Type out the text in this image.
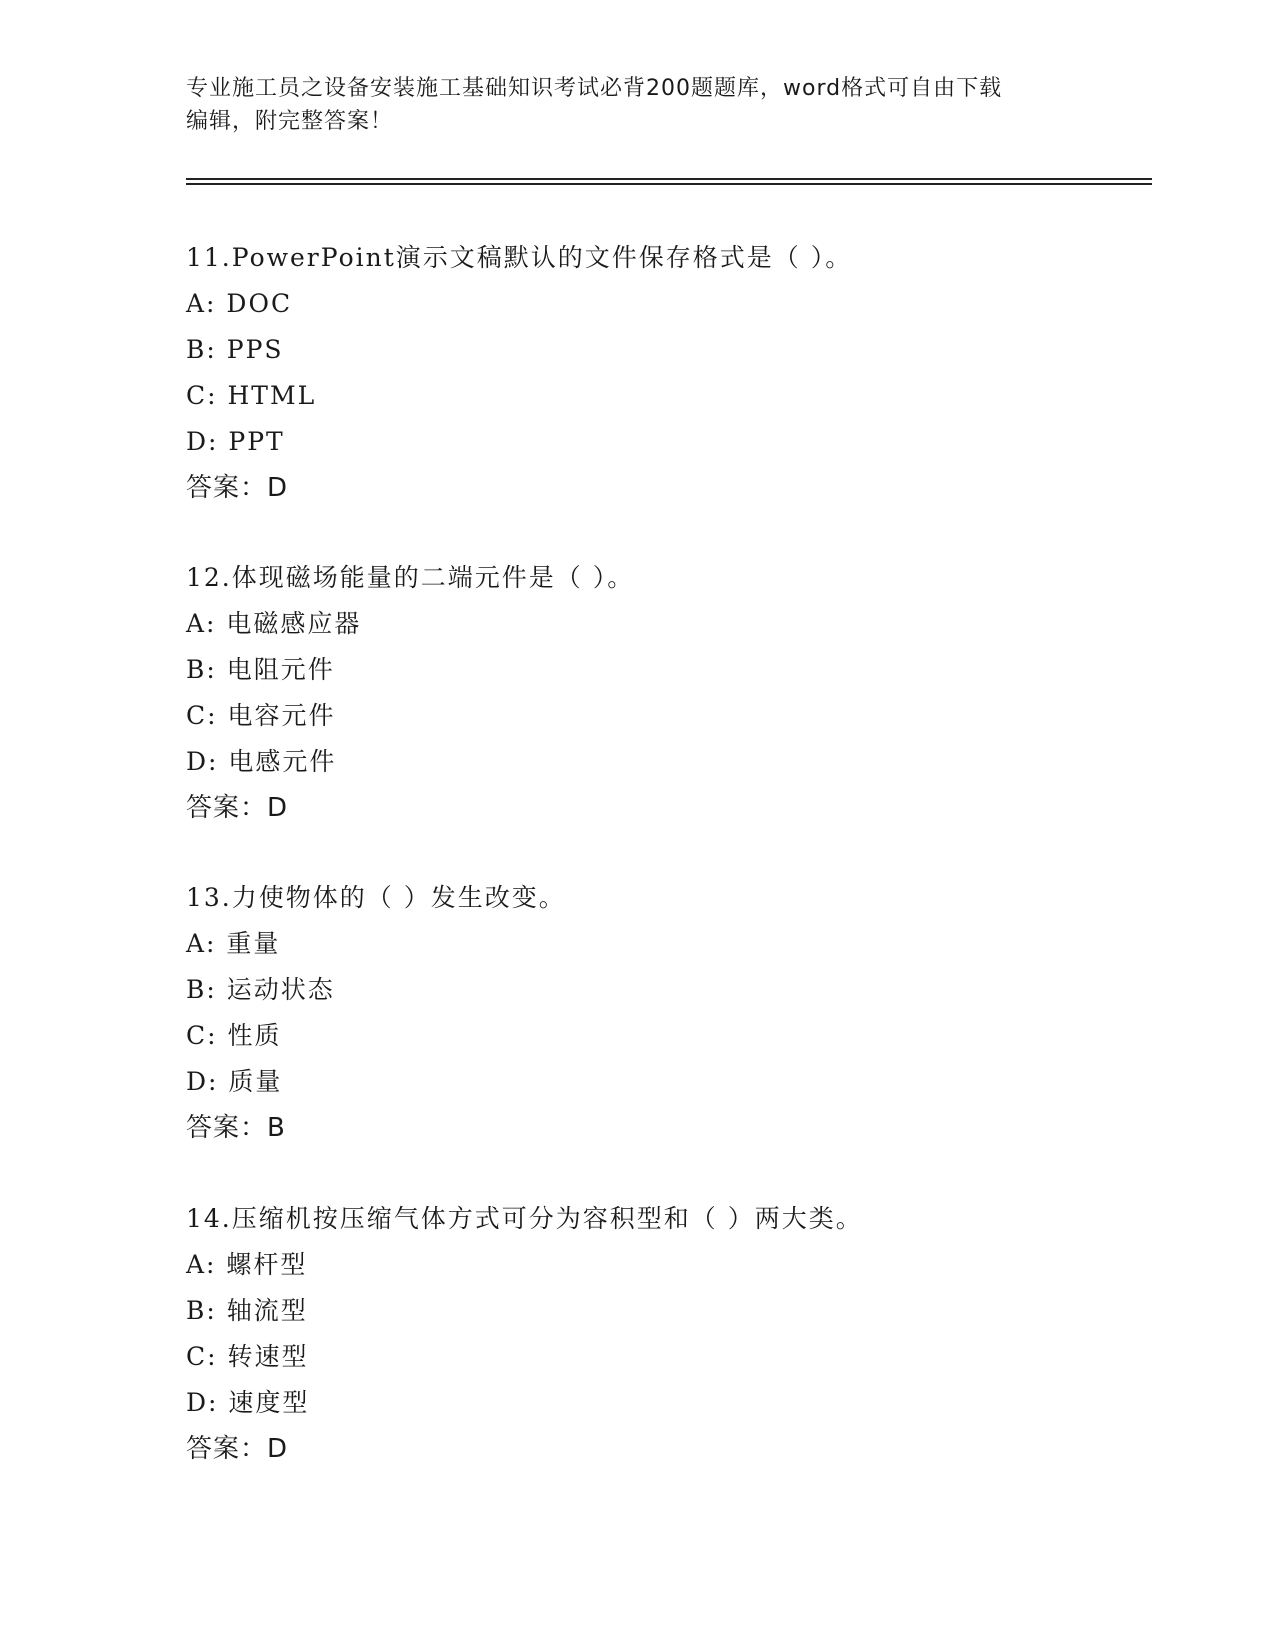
专业施工员之设备安装施工基础知识考试必背200题题库，word格式可自由下载
编辑，附完整答案！
11.PowerPoint演示文稿默认的文件保存格式是（ ）。
A: DOC
B: PPS
C: HTML
D: PPT
答案：D
12.体现磁场能量的二端元件是（ ）。
A: 电磁感应器
B: 电阻元件
C: 电容元件
D: 电感元件
答案：D
13.力使物体的（ ）发生改变。
A: 重量
B: 运动状态
C: 性质
D: 质量
答案：B
14.压缩机按压缩气体方式可分为容积型和（ ）两大类。
A: 螺杆型
B: 轴流型
C: 转速型
D: 速度型
答案：D
